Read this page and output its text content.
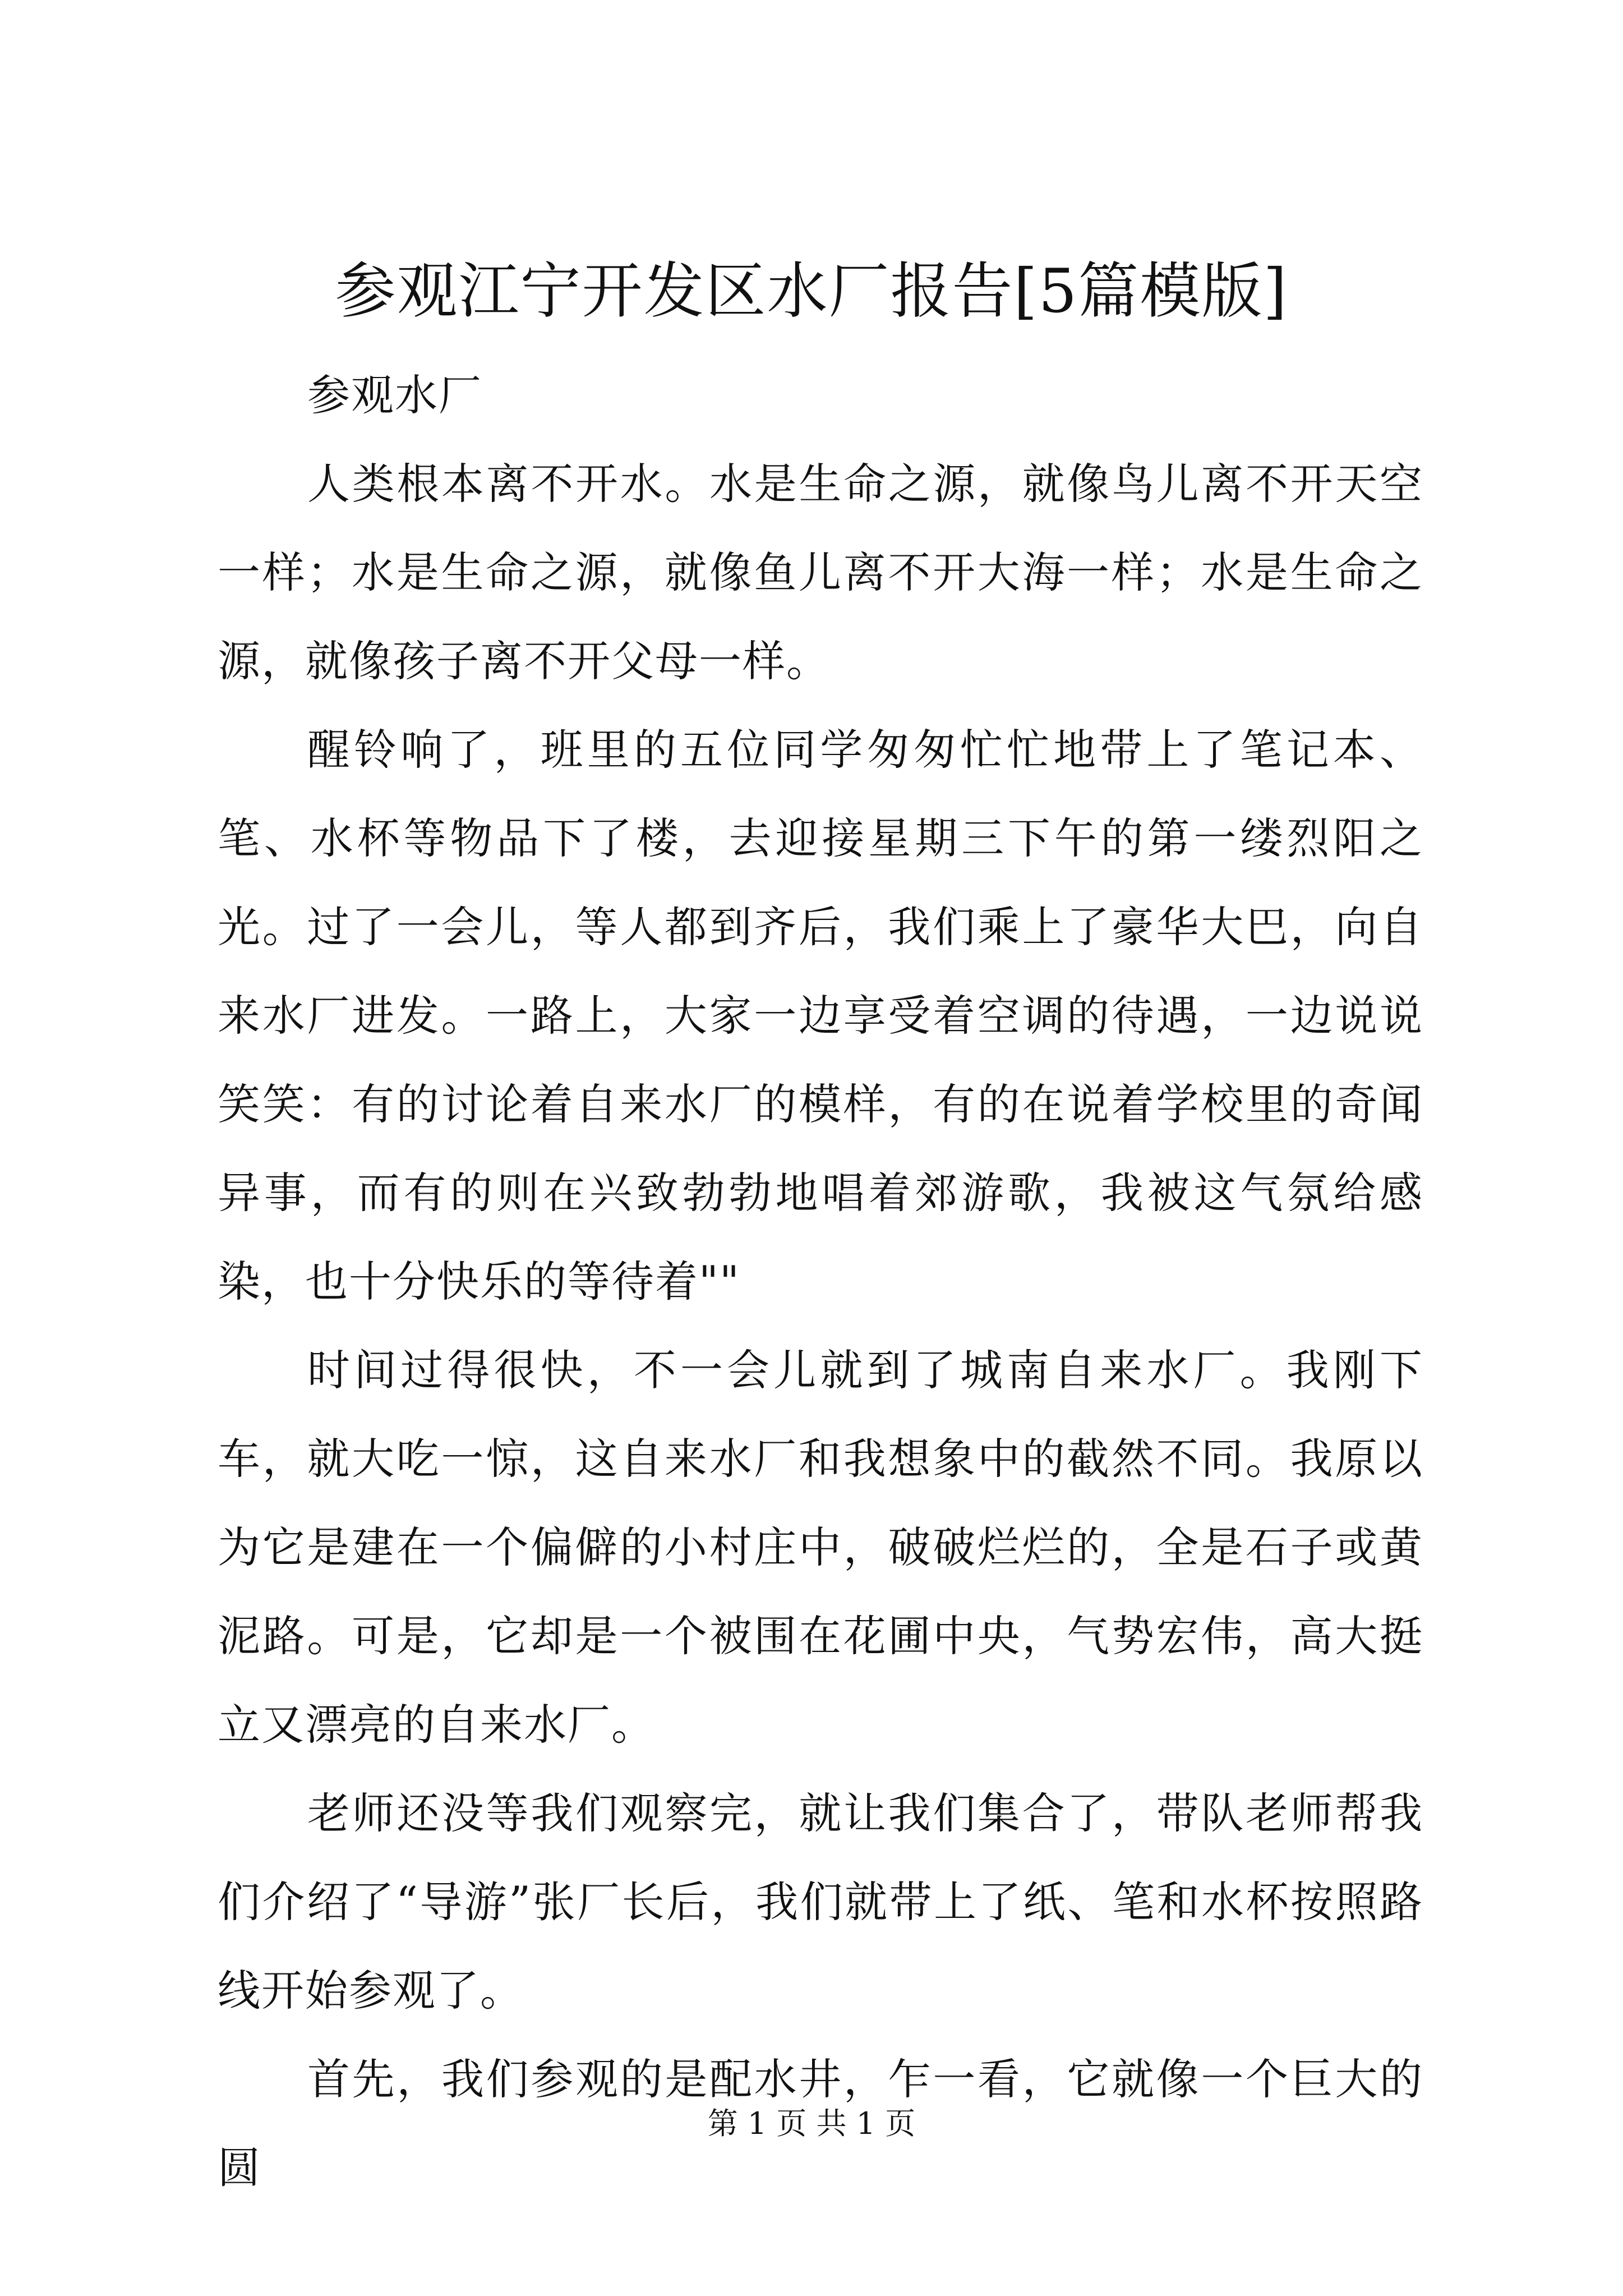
参观江宁开发区水厂报告[5篇模版]

参观水厂

人类根本离不开水。水是生命之源，就像鸟儿离不开天空一样；水是生命之源，就像鱼儿离不开大海一样；水是生命之源，就像孩子离不开父母一样。

醒铃响了，班里的五位同学匆匆忙忙地带上了笔记本、笔、水杯等物品下了楼，去迎接星期三下午的第一缕烈阳之光。过了一会儿，等人都到齐后，我们乘上了豪华大巴，向自来水厂进发。一路上，大家一边享受着空调的待遇，一边说说笑笑：有的讨论着自来水厂的模样，有的在说着学校里的奇闻异事，而有的则在兴致勃勃地唱着郊游歌，我被这气氛给感染，也十分快乐的等待着""

时间过得很快，不一会儿就到了城南自来水厂。我刚下车，就大吃一惊，这自来水厂和我想象中的截然不同。我原以为它是建在一个偏僻的小村庄中，破破烂烂的，全是石子或黄泥路。可是，它却是一个被围在花圃中央，气势宏伟，高大挺立又漂亮的自来水厂。

老师还没等我们观察完，就让我们集合了，带队老师帮我们介绍了“导游”张厂长后，我们就带上了纸、笔和水杯按照路线开始参观了。

首先，我们参观的是配水井，乍一看，它就像一个巨大的圆

第 1 页 共 1 页
